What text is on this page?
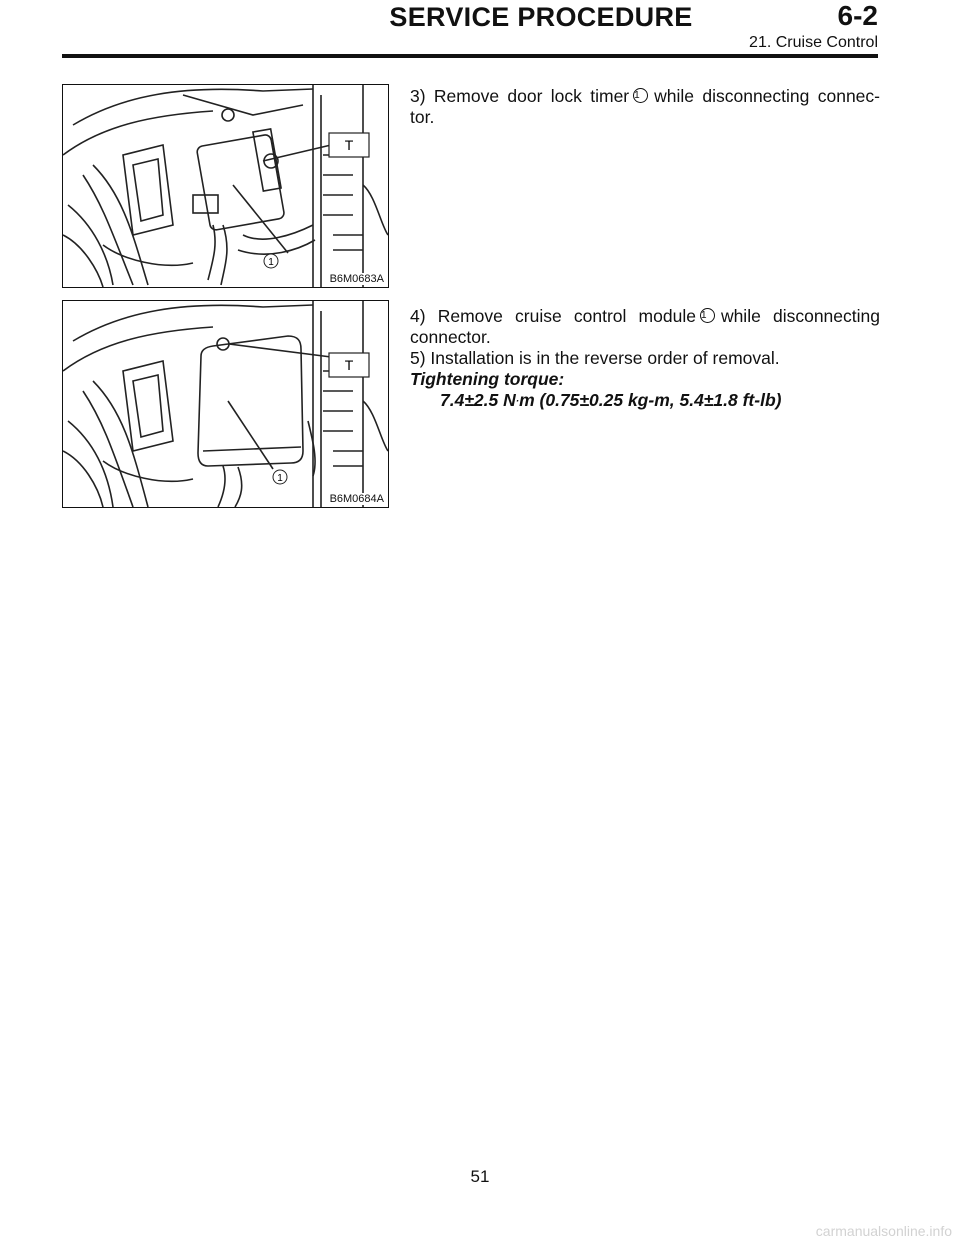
SERVICE PROCEDURE	6-2
21. Cruise Control
T
1
B6M0683A
T
1
B6M0684A

3) Remove door lock timer 1 while disconnecting connec-tor.

4) Remove cruise control module 1 while disconnecting connector.

5) Installation is in the reverse order of removal.

Tightening torque:

7.4±2.5 N·m (0.75±0.25 kg-m, 5.4±1.8 ft-lb)

51
carmanualsonline.info
